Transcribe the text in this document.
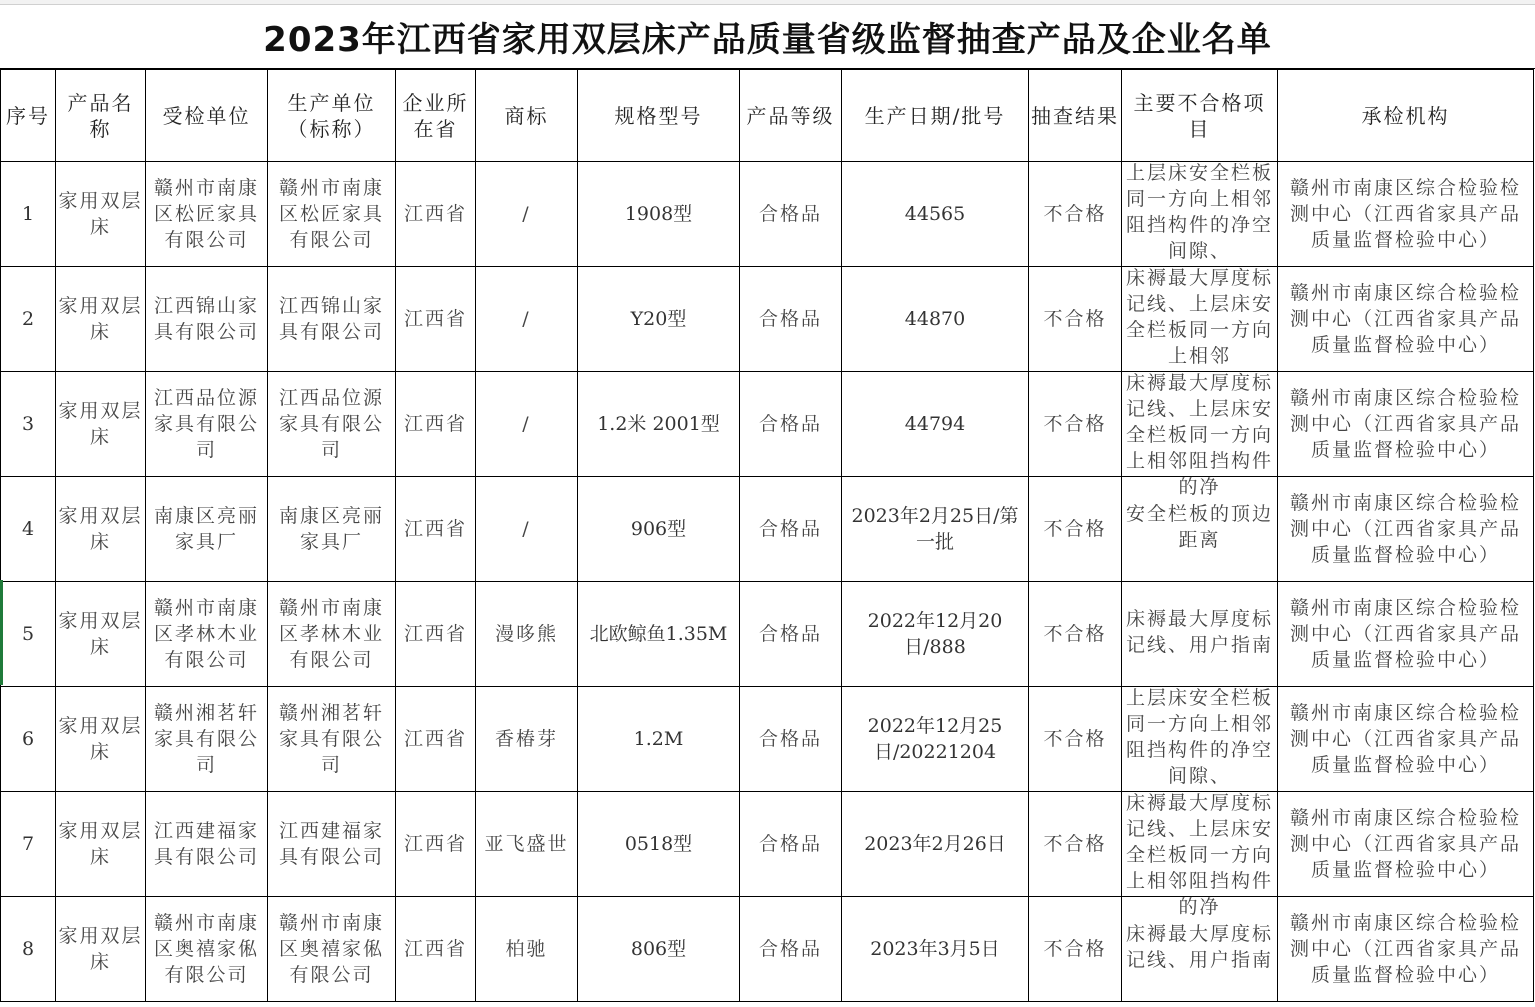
2023年江西省家用双层床产品质量省级监督抽查产品及企业名单
序号	产品名称	受检单位	生产单位（标称）	企业所在省	商标	规格型号	产品等级	生产日期/批号	抽查结果	主要不合格项目	承检机构

1	家用双层床	赣州市南康区松匠家具有限公司	赣州市南康区松匠家具有限公司	江西省	/	1908型	合格品	44565	不合格	上层床安全栏板同一方向上相邻阻挡构件的净空间隙、	赣州市南康区综合检验检测中心（江西省家具产品质量监督检验中心）

2	家用双层床	江西锦山家具有限公司	江西锦山家具有限公司	江西省	/	Y20型	合格品	44870	不合格	床褥最大厚度标记线、上层床安全栏板同一方向上相邻	赣州市南康区综合检验检测中心（江西省家具产品质量监督检验中心）

3	家用双层床	江西品位源家具有限公司	江西品位源家具有限公司	江西省	/	1.2米 2001型	合格品	44794	不合格	床褥最大厚度标记线、上层床安全栏板同一方向上相邻阻挡构件的净	赣州市南康区综合检验检测中心（江西省家具产品质量监督检验中心）

4	家用双层床	南康区亮丽家具厂	南康区亮丽家具厂	江西省	/	906型	合格品	2023年2月25日/第一批	不合格	安全栏板的顶边距离	赣州市南康区综合检验检测中心（江西省家具产品质量监督检验中心）

5	家用双层床	赣州市南康区孝林木业有限公司	赣州市南康区孝林木业有限公司	江西省	漫哆熊	北欧鲸鱼1.35M	合格品	2022年12月20日/888	不合格	床褥最大厚度标记线、用户指南	赣州市南康区综合检验检测中心（江西省家具产品质量监督检验中心）

6	家用双层床	赣州湘茗轩家具有限公司	赣州湘茗轩家具有限公司	江西省	香椿芽	1.2M	合格品	2022年12月25日/20221204	不合格	上层床安全栏板同一方向上相邻阻挡构件的净空间隙、	赣州市南康区综合检验检测中心（江西省家具产品质量监督检验中心）

7	家用双层床	江西建福家具有限公司	江西建福家具有限公司	江西省	亚飞盛世	0518型	合格品	2023年2月26日	不合格	床褥最大厚度标记线、上层床安全栏板同一方向上相邻阻挡构件的净	赣州市南康区综合检验检测中心（江西省家具产品质量监督检验中心）

8	家用双层床	赣州市南康区奥禧家俬有限公司	赣州市南康区奥禧家俬有限公司	江西省	柏驰	806型	合格品	2023年3月5日	不合格	床褥最大厚度标记线、用户指南	赣州市南康区综合检验检测中心（江西省家具产品质量监督检验中心）
